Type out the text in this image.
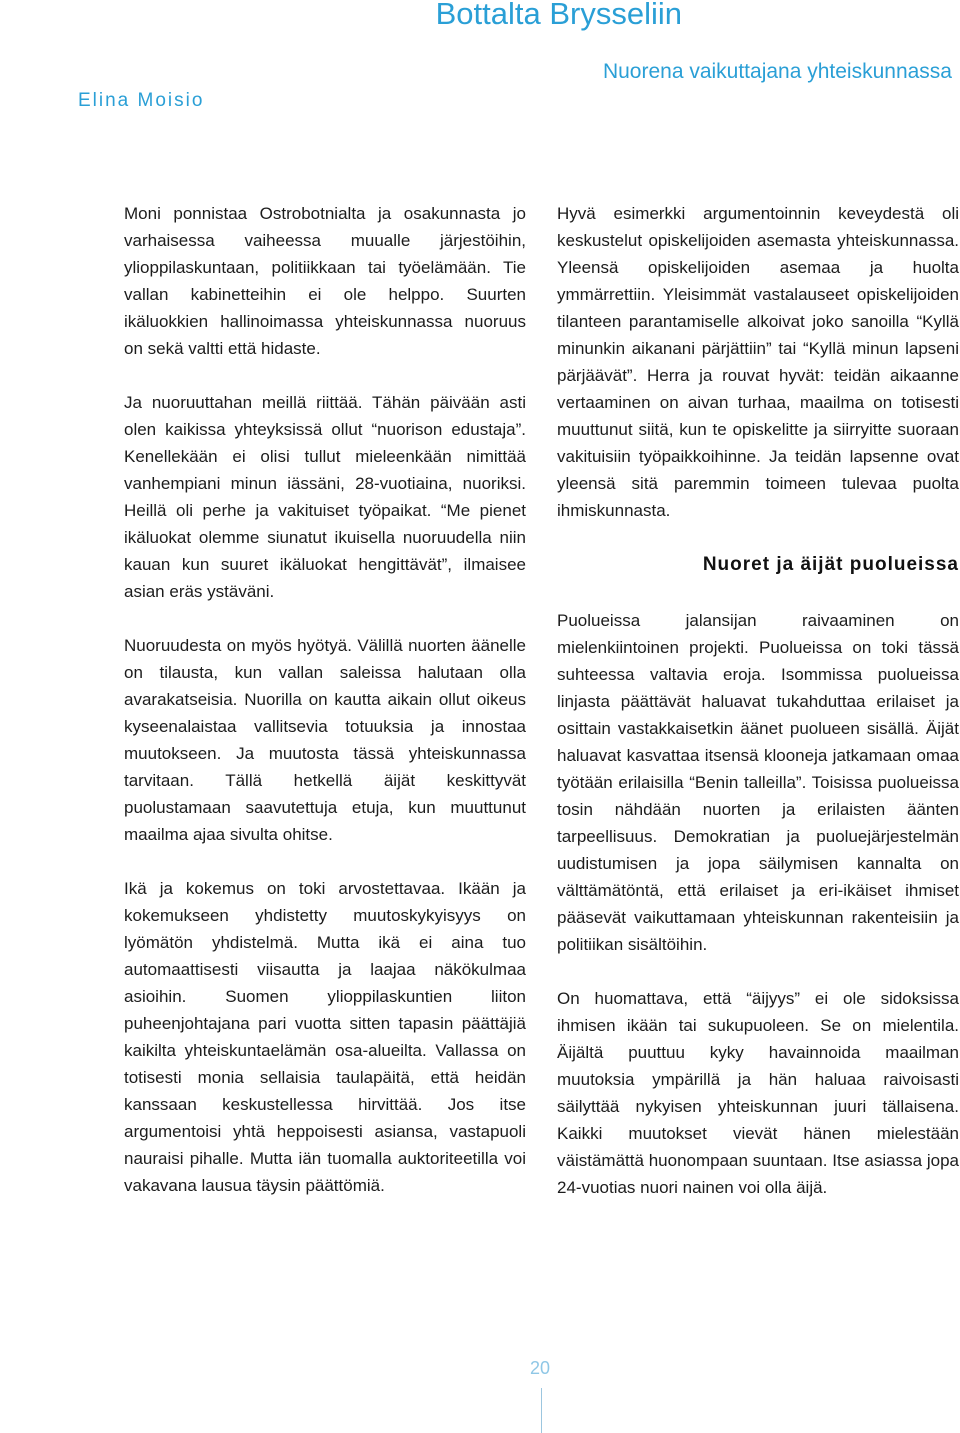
Bottalta Brysseliin
Elina Moisio
Nuorena vaikuttajana yhteiskunnassa

Moni ponnistaa Ostrobotnialta ja osakunnasta jo varhaisessa vaiheessa muualle järjestöihin, ylioppilaskuntaan, politiikkaan tai työelämään. Tie vallan kabinetteihin ei ole helppo. Suurten ikäluokkien hallinoimassa yhteiskunnassa nuoruus on sekä valtti että hidaste.

Ja nuoruuttahan meillä riittää. Tähän päivään asti olen kaikissa yhteyksissä ollut “nuorison edustaja”. Kenellekään ei olisi tullut mieleenkään nimittää vanhempiani minun iässäni, 28-vuotiaina, nuoriksi. Heillä oli perhe ja vakituiset työpaikat. “Me pienet ikäluokat olemme siunatut ikuisella nuoruudella niin kauan kun suuret ikäluokat hengittävät”, ilmaisee asian eräs ystäväni.

Nuoruudesta on myös hyötyä. Välillä nuorten äänelle on tilausta, kun vallan saleissa halutaan olla avarakatseisia. Nuorilla on kautta aikain ollut oikeus kyseenalaistaa vallitsevia totuuksia ja innostaa muutokseen. Ja muutosta tässä yhteiskunnassa tarvitaan. Tällä hetkellä äijät keskittyvät puolustamaan saavutettuja etuja, kun muuttunut maailma ajaa sivulta ohitse.

Ikä ja kokemus on toki arvostettavaa. Ikään ja kokemukseen yhdistetty muutoskykyisyys on lyömätön yhdistelmä. Mutta ikä ei aina tuo automaattisesti viisautta ja laajaa näkökulmaa asioihin. Suomen ylioppilaskuntien liiton puheenjohtajana pari vuotta sitten tapasin päättäjiä kaikilta yhteiskuntaelämän osa-alueilta. Vallassa on totisesti monia sellaisia taulapäitä, että heidän kanssaan keskustellessa hirvittää. Jos itse argumentoisi yhtä heppoisesti asiansa, vastapuoli nauraisi pihalle. Mutta iän tuomalla auktoriteetilla voi vakavana lausua täysin päättömiä.

Hyvä esimerkki argumentoinnin keveydestä oli keskustelut opiskelijoiden asemasta yhteiskunnassa. Yleensä opiskelijoiden asemaa ja huolta ymmärrettiin. Yleisimmät vastalauseet opiskelijoiden tilanteen parantamiselle alkoivat joko sanoilla “Kyllä minunkin aikanani pärjättiin” tai “Kyllä minun lapseni pärjäävät”. Herra ja rouvat hyvät: teidän aikaanne vertaaminen on aivan turhaa, maailma on totisesti muuttunut siitä, kun te opiskelitte ja siirryitte suoraan vakituisiin työpaikkoihinne. Ja teidän lapsenne ovat yleensä sitä paremmin toimeen tulevaa puolta ihmiskunnasta.

Nuoret ja äijät puolueissa

Puolueissa jalansijan raivaaminen on mielenkiintoinen projekti. Puolueissa on toki tässä suhteessa valtavia eroja. Isommissa puolueissa linjasta päättävät haluavat tukahduttaa erilaiset ja osittain vastakkaisetkin äänet puolueen sisällä. Äijät haluavat kasvattaa itsensä klooneja jatkamaan omaa työtään erilaisilla “Benin talleilla”. Toisissa puolueissa tosin nähdään nuorten ja erilaisten äänten tarpeellisuus. Demokratian ja puoluejärjestelmän uudistumisen ja jopa säilymisen kannalta on välttämätöntä, että erilaiset ja eri-ikäiset ihmiset pääsevät vaikuttamaan yhteiskunnan rakenteisiin ja politiikan sisältöihin.

On huomattava, että “äijyys” ei ole sidoksissa ihmisen ikään tai sukupuoleen. Se on mielentila. Äijältä puuttuu kyky havainnoida maailman muutoksia ympärillä ja hän haluaa raivoisasti säilyttää nykyisen yhteiskunnan juuri tällaisena. Kaikki muutokset vievät hänen mielestään väistämättä huonompaan suuntaan. Itse asiassa jopa 24-vuotias nuori nainen voi olla äijä.

20
